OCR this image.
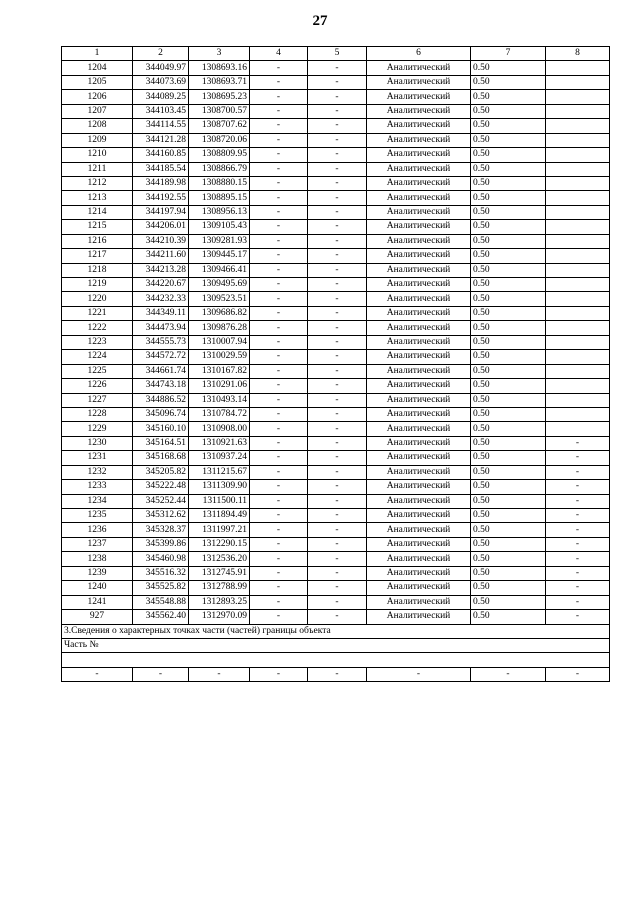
27
1	2	3	4	5	6	7	8
1204	344049.97	1308693.16	-	-	Аналитический	0.50	
1205	344073.69	1308693.71	-	-	Аналитический	0.50	
1206	344089.25	1308695.23	-	-	Аналитический	0.50	
1207	344103.45	1308700.57	-	-	Аналитический	0.50	
1208	344114.55	1308707.62	-	-	Аналитический	0.50	
1209	344121.28	1308720.06	-	-	Аналитический	0.50	
1210	344160.85	1308809.95	-	-	Аналитический	0.50	
1211	344185.54	1308866.79	-	-	Аналитический	0.50	
1212	344189.98	1308880.15	-	-	Аналитический	0.50	
1213	344192.55	1308895.15	-	-	Аналитический	0.50	
1214	344197.94	1308956.13	-	-	Аналитический	0.50	
1215	344206.01	1309105.43	-	-	Аналитический	0.50	
1216	344210.39	1309281.93	-	-	Аналитический	0.50	
1217	344211.60	1309445.17	-	-	Аналитический	0.50	
1218	344213.28	1309466.41	-	-	Аналитический	0.50	
1219	344220.67	1309495.69	-	-	Аналитический	0.50	
1220	344232.33	1309523.51	-	-	Аналитический	0.50	
1221	344349.11	1309686.82	-	-	Аналитический	0.50	
1222	344473.94	1309876.28	-	-	Аналитический	0.50	
1223	344555.73	1310007.94	-	-	Аналитический	0.50	
1224	344572.72	1310029.59	-	-	Аналитический	0.50	
1225	344661.74	1310167.82	-	-	Аналитический	0.50	
1226	344743.18	1310291.06	-	-	Аналитический	0.50	
1227	344886.52	1310493.14	-	-	Аналитический	0.50	
1228	345096.74	1310784.72	-	-	Аналитический	0.50	
1229	345160.10	1310908.00	-	-	Аналитический	0.50	
1230	345164.51	1310921.63	-	-	Аналитический	0.50	-
1231	345168.68	1310937.24	-	-	Аналитический	0.50	-
1232	345205.82	1311215.67	-	-	Аналитический	0.50	-
1233	345222.48	1311309.90	-	-	Аналитический	0.50	-
1234	345252.44	1311500.11	-	-	Аналитический	0.50	-
1235	345312.62	1311894.49	-	-	Аналитический	0.50	-
1236	345328.37	1311997.21	-	-	Аналитический	0.50	-
1237	345399.86	1312290.15	-	-	Аналитический	0.50	-
1238	345460.98	1312536.20	-	-	Аналитический	0.50	-
1239	345516.32	1312745.91	-	-	Аналитический	0.50	-
1240	345525.82	1312788.99	-	-	Аналитический	0.50	-
1241	345548.88	1312893.25	-	-	Аналитический	0.50	-
927	345562.40	1312970.09	-	-	Аналитический	0.50	-
3.Сведения о характерных точках части (частей) границы объекта							
Часть №							

-	-	-	-	-	-	-	-
